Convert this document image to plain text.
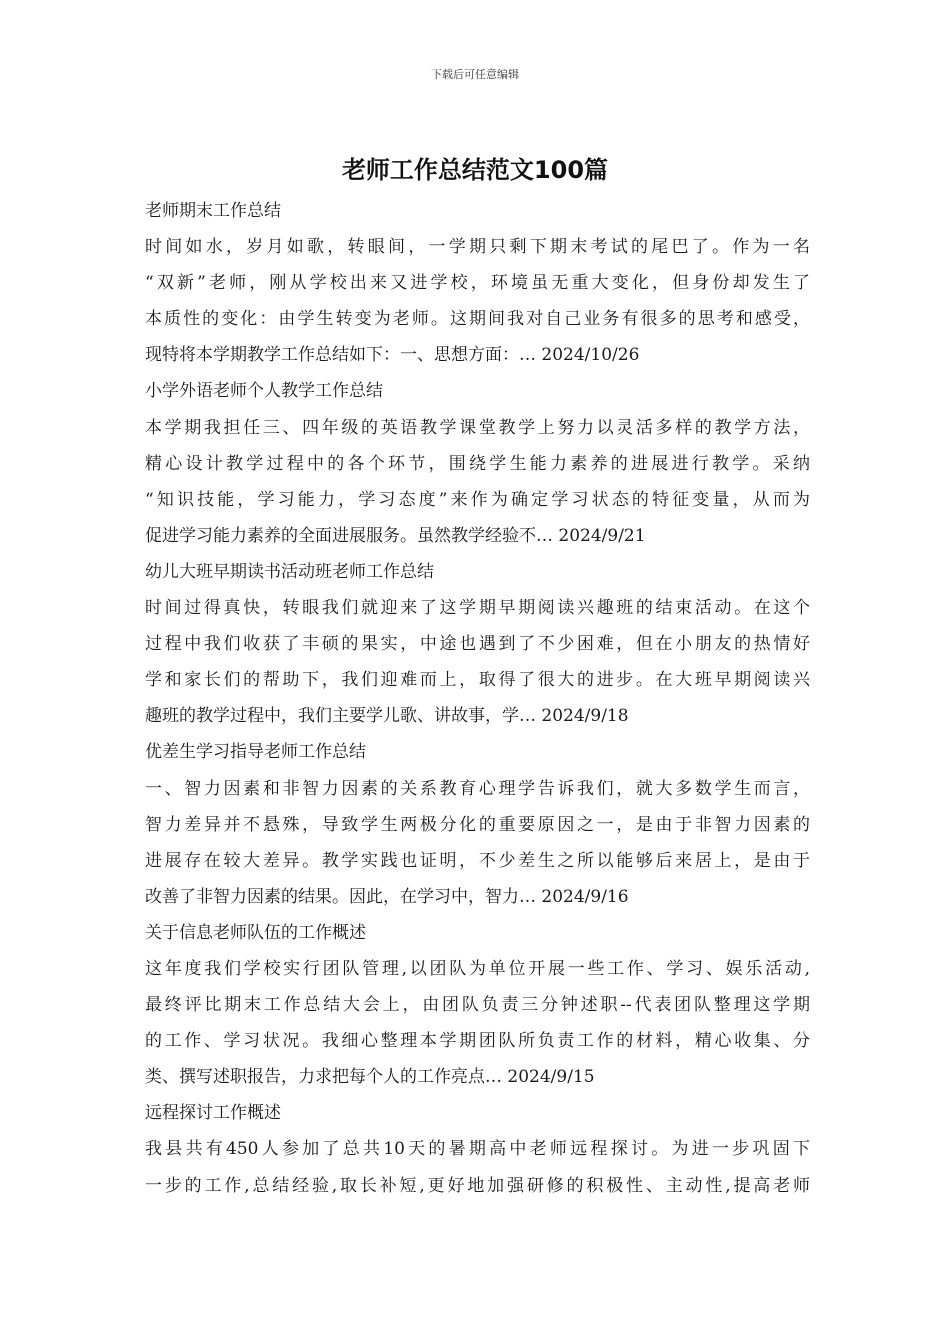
下载后可任意编辑
老师工作总结范文100篇
老师期末工作总结
时间如水，岁月如歌，转眼间，一学期只剩下期末考试的尾巴了。作为一名
“双新”老师，刚从学校出来又进学校，环境虽无重大变化，但身份却发生了
本质性的变化：由学生转变为老师。这期间我对自己业务有很多的思考和感受，
现特将本学期教学工作总结如下：一、思想方面：… 2024/10/26
小学外语老师个人教学工作总结
本学期我担任三、四年级的英语教学课堂教学上努力以灵活多样的教学方法，
精心设计教学过程中的各个环节，围绕学生能力素养的进展进行教学。采纳
“知识技能，学习能力，学习态度”来作为确定学习状态的特征变量，从而为
促进学习能力素养的全面进展服务。虽然教学经验不… 2024/9/21
幼儿大班早期读书活动班老师工作总结
时间过得真快，转眼我们就迎来了这学期早期阅读兴趣班的结束活动。在这个
过程中我们收获了丰硕的果实，中途也遇到了不少困难，但在小朋友的热情好
学和家长们的帮助下，我们迎难而上，取得了很大的进步。在大班早期阅读兴
趣班的教学过程中，我们主要学儿歌、讲故事，学… 2024/9/18
优差生学习指导老师工作总结
一、智力因素和非智力因素的关系教育心理学告诉我们，就大多数学生而言，
智力差异并不悬殊，导致学生两极分化的重要原因之一，是由于非智力因素的
进展存在较大差异。教学实践也证明，不少差生之所以能够后来居上，是由于
改善了非智力因素的结果。因此，在学习中，智力… 2024/9/16
关于信息老师队伍的工作概述
这年度我们学校实行团队管理,以团队为单位开展一些工作、学习、娱乐活动,
最终评比期末工作总结大会上，由团队负责三分钟述职--代表团队整理这学期
的工作、学习状况。我细心整理本学期团队所负责工作的材料，精心收集、分
类、撰写述职报告，力求把每个人的工作亮点… 2024/9/15
远程探讨工作概述
我县共有450人参加了总共10天的暑期高中老师远程探讨。为进一步巩固下
一步的工作,总结经验,取长补短,更好地加强研修的积极性、主动性,提高老师
